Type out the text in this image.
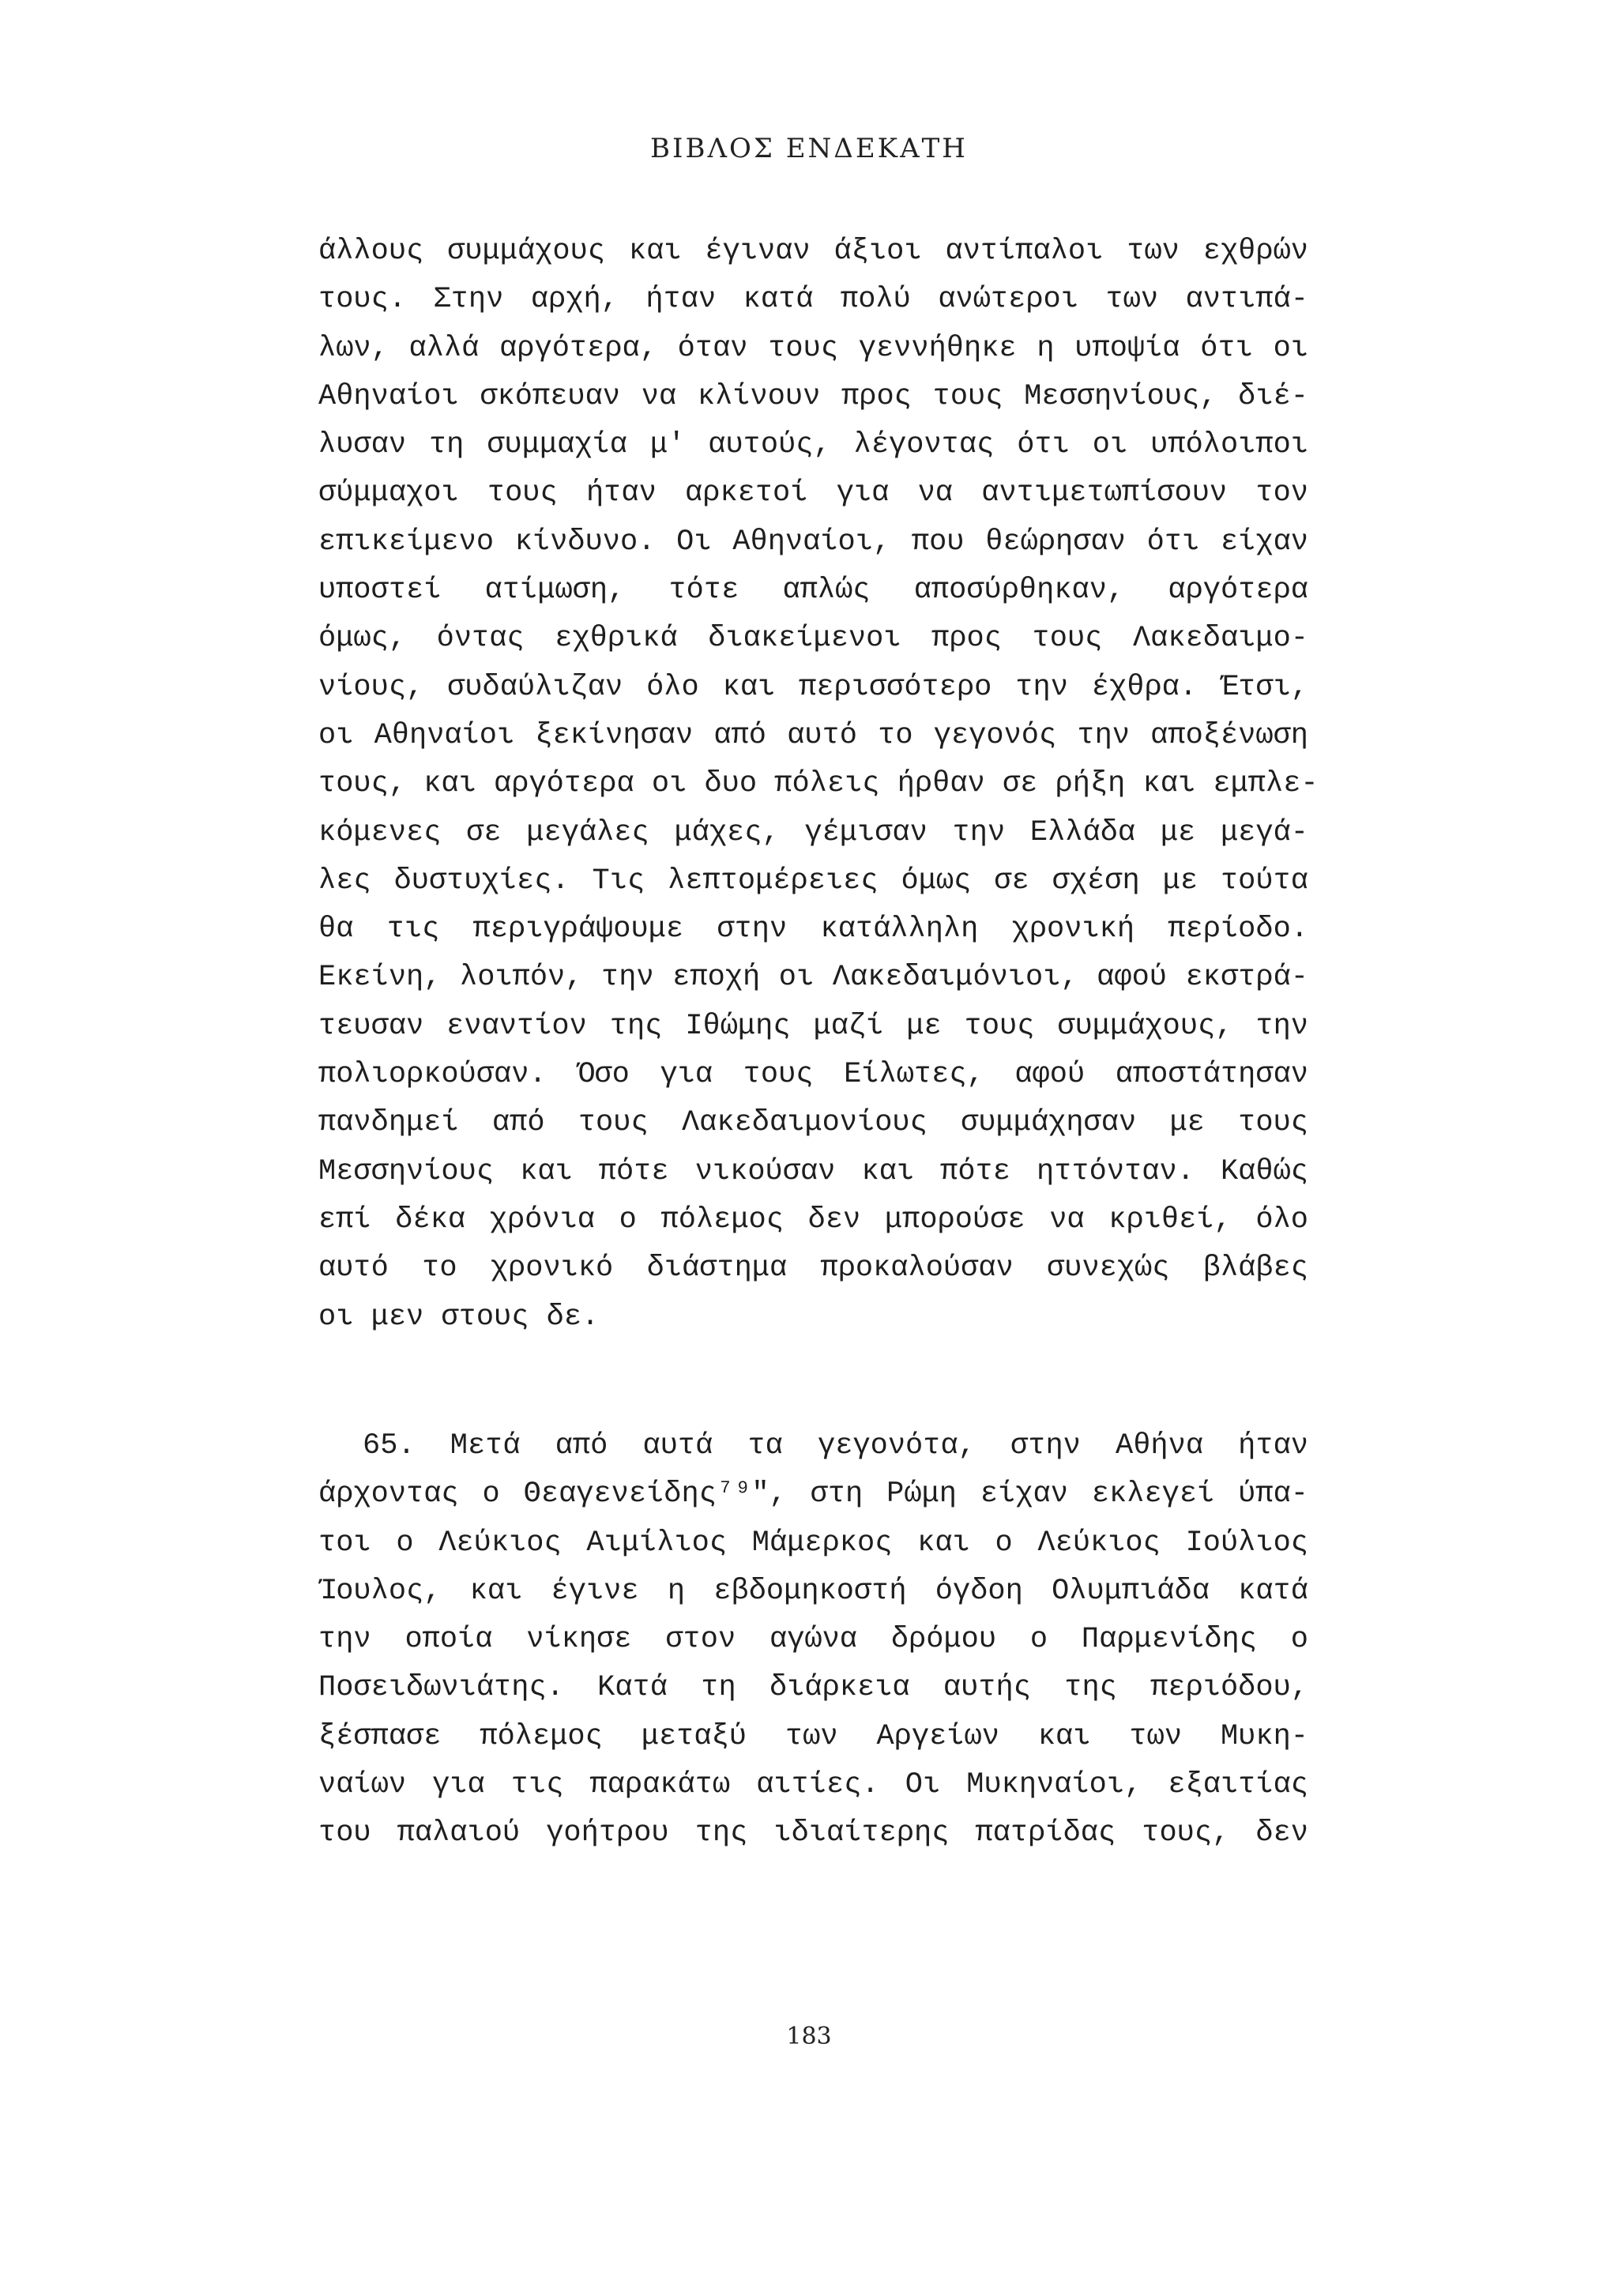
ΒΙΒΛΟΣ ΕΝΔΕΚΑΤΗ
άλλους συμμάχους και έγιναν άξιοι αντίπαλοι των εχθρών
τους. Στην αρχή, ήταν κατά πολύ ανώτεροι των αντιπά-
λων, αλλά αργότερα, όταν τους γεννήθηκε η υποψία ότι οι
Αθηναίοι σκόπευαν να κλίνουν προς τους Μεσσηνίους, διέ-
λυσαν τη συμμαχία μ' αυτούς, λέγοντας ότι οι υπόλοιποι
σύμμαχοι τους ήταν αρκετοί για να αντιμετωπίσουν τον
επικείμενο κίνδυνο. Οι Αθηναίοι, που θεώρησαν ότι είχαν
υποστεί ατίμωση, τότε απλώς αποσύρθηκαν, αργότερα
όμως, όντας εχθρικά διακείμενοι προς τους Λακεδαιμο-
νίους, συδαύλιζαν όλο και περισσότερο την έχθρα. Έτσι,
οι Αθηναίοι ξεκίνησαν από αυτό το γεγονός την αποξένωση
τους, και αργότερα οι δυο πόλεις ήρθαν σε ρήξη και εμπλε-
κόμενες σε μεγάλες μάχες, γέμισαν την Ελλάδα με μεγά-
λες δυστυχίες. Τις λεπτομέρειες όμως σε σχέση με τούτα
θα τις περιγράψουμε στην κατάλληλη χρονική περίοδο.
Εκείνη, λοιπόν, την εποχή οι Λακεδαιμόνιοι, αφού εκστρά-
τευσαν εναντίον της Ιθώμης μαζί με τους συμμάχους, την
πολιορκούσαν. Όσο για τους Είλωτες, αφού αποστάτησαν
πανδημεί από τους Λακεδαιμονίους συμμάχησαν με τους
Μεσσηνίους και πότε νικούσαν και πότε ηττόνταν. Καθώς
επί δέκα χρόνια ο πόλεμος δεν μπορούσε να κριθεί, όλο
αυτό το χρονικό διάστημα προκαλούσαν συνεχώς βλάβες
οι μεν στους δε.
65. Μετά από αυτά τα γεγονότα, στην Αθήνα ήταν
άρχοντας ο Θεαγενείδης⁷⁹", στη Ρώμη είχαν εκλεγεί ύπα-
τοι ο Λεύκιος Αιμίλιος Μάμερκος και ο Λεύκιος Ιούλιος
Ίουλος, και έγινε η εβδομηκοστή όγδοη Ολυμπιάδα κατά
την οποία νίκησε στον αγώνα δρόμου ο Παρμενίδης ο
Ποσειδωνιάτης. Κατά τη διάρκεια αυτής της περιόδου,
ξέσπασε πόλεμος μεταξύ των Αργείων και των Μυκη-
ναίων για τις παρακάτω αιτίες. Οι Μυκηναίοι, εξαιτίας
του παλαιού γοήτρου της ιδιαίτερης πατρίδας τους, δεν
183
